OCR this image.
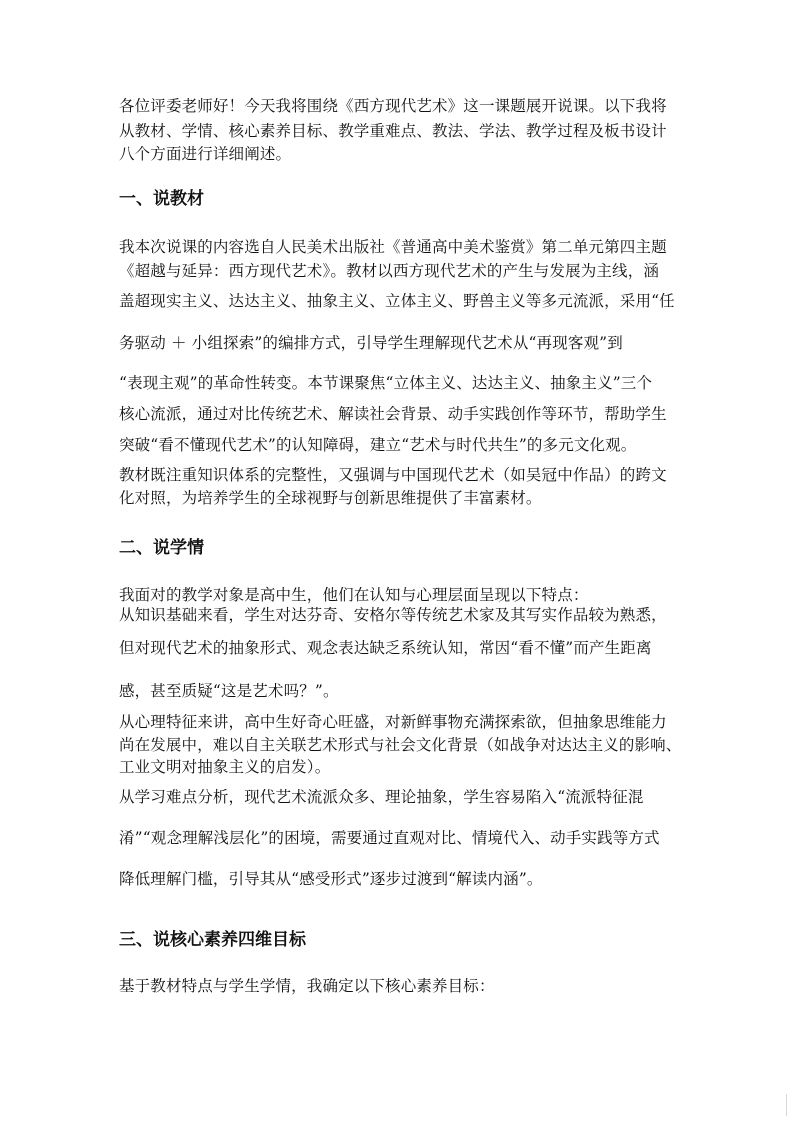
各位评委老师好！今天我将围绕《西方现代艺术》这一课题展开说课。以下我将
从教材、学情、核心素养目标、教学重难点、教法、学法、教学过程及板书设计
八个方面进行详细阐述。
一、说教材
我本次说课的内容选自人民美术出版社《普通高中美术鉴赏》第二单元第四主题
《超越与延异：西方现代艺术》。教材以西方现代艺术的产生与发展为主线，涵
盖超现实主义、达达主义、抽象主义、立体主义、野兽主义等多元流派，采用“任
务驱动 ＋ 小组探索”的编排方式，引导学生理解现代艺术从“再现客观”到
“表现主观”的革命性转变。本节课聚焦“立体主义、达达主义、抽象主义”三个
核心流派，通过对比传统艺术、解读社会背景、动手实践创作等环节，帮助学生
突破“看不懂现代艺术”的认知障碍，建立“艺术与时代共生”的多元文化观。
教材既注重知识体系的完整性，又强调与中国现代艺术（如吴冠中作品）的跨文
化对照，为培养学生的全球视野与创新思维提供了丰富素材。
二、说学情
我面对的教学对象是高中生，他们在认知与心理层面呈现以下特点：
从知识基础来看，学生对达芬奇、安格尔等传统艺术家及其写实作品较为熟悉，
但对现代艺术的抽象形式、观念表达缺乏系统认知，常因“看不懂”而产生距离
感，甚至质疑“这是艺术吗？”。
从心理特征来讲，高中生好奇心旺盛，对新鲜事物充满探索欲，但抽象思维能力
尚在发展中，难以自主关联艺术形式与社会文化背景（如战争对达达主义的影响、
工业文明对抽象主义的启发）。
从学习难点分析，现代艺术流派众多、理论抽象，学生容易陷入“流派特征混
淆”“观念理解浅层化”的困境，需要通过直观对比、情境代入、动手实践等方式
降低理解门槛，引导其从“感受形式”逐步过渡到“解读内涵”。
三、说核心素养四维目标
基于教材特点与学生学情，我确定以下核心素养目标：
